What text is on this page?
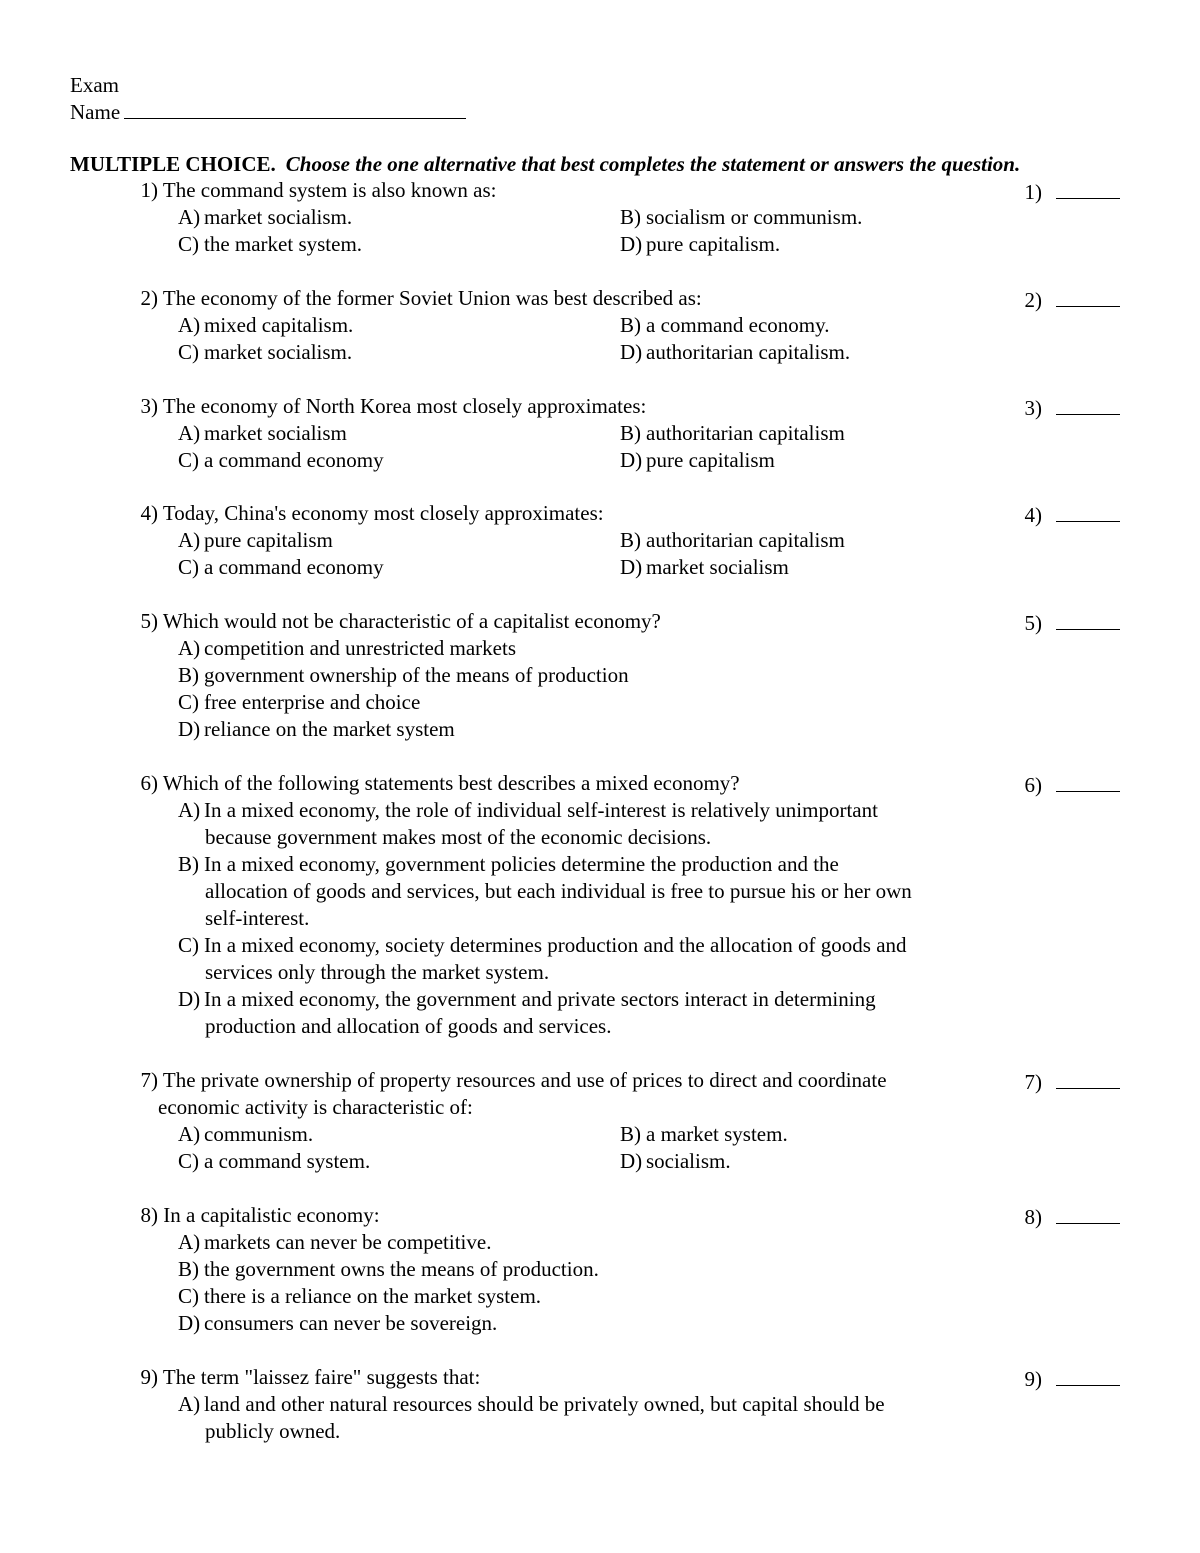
Exam
Name
MULTIPLE CHOICE. Choose the one alternative that best completes the statement or answers the question.
1) The command system is also known as:	1)
A) market socialism.	B) socialism or communism.
C) the market system.	D) pure capitalism.
2) The economy of the former Soviet Union was best described as:	2)
A) mixed capitalism.	B) a command economy.
C) market socialism.	D) authoritarian capitalism.
3) The economy of North Korea most closely approximates:	3)
A) market socialism	B) authoritarian capitalism
C) a command economy	D) pure capitalism
4) Today, China's economy most closely approximates:	4)
A) pure capitalism	B) authoritarian capitalism
C) a command economy	D) market socialism
5) Which would not be characteristic of a capitalist economy?	5)
A) competition and unrestricted markets
B) government ownership of the means of production
C) free enterprise and choice
D) reliance on the market system
6) Which of the following statements best describes a mixed economy?	6)
A) In a mixed economy, the role of individual self-interest is relatively unimportant
because government makes most of the economic decisions.
B) In a mixed economy, government policies determine the production and the
allocation of goods and services, but each individual is free to pursue his or her own
self-interest.
C) In a mixed economy, society determines production and the allocation of goods and
services only through the market system.
D) In a mixed economy, the government and private sectors interact in determining
production and allocation of goods and services.
7) The private ownership of property resources and use of prices to direct and coordinate
economic activity is characteristic of:
7)
A) communism.	B) a market system.
C) a command system.	D) socialism.
8) In a capitalistic economy:	8)
A) markets can never be competitive.
B) the government owns the means of production.
C) there is a reliance on the market system.
D) consumers can never be sovereign.
9) The term "laissez faire" suggests that:	9)
A) land and other natural resources should be privately owned, but capital should be
publicly owned.
